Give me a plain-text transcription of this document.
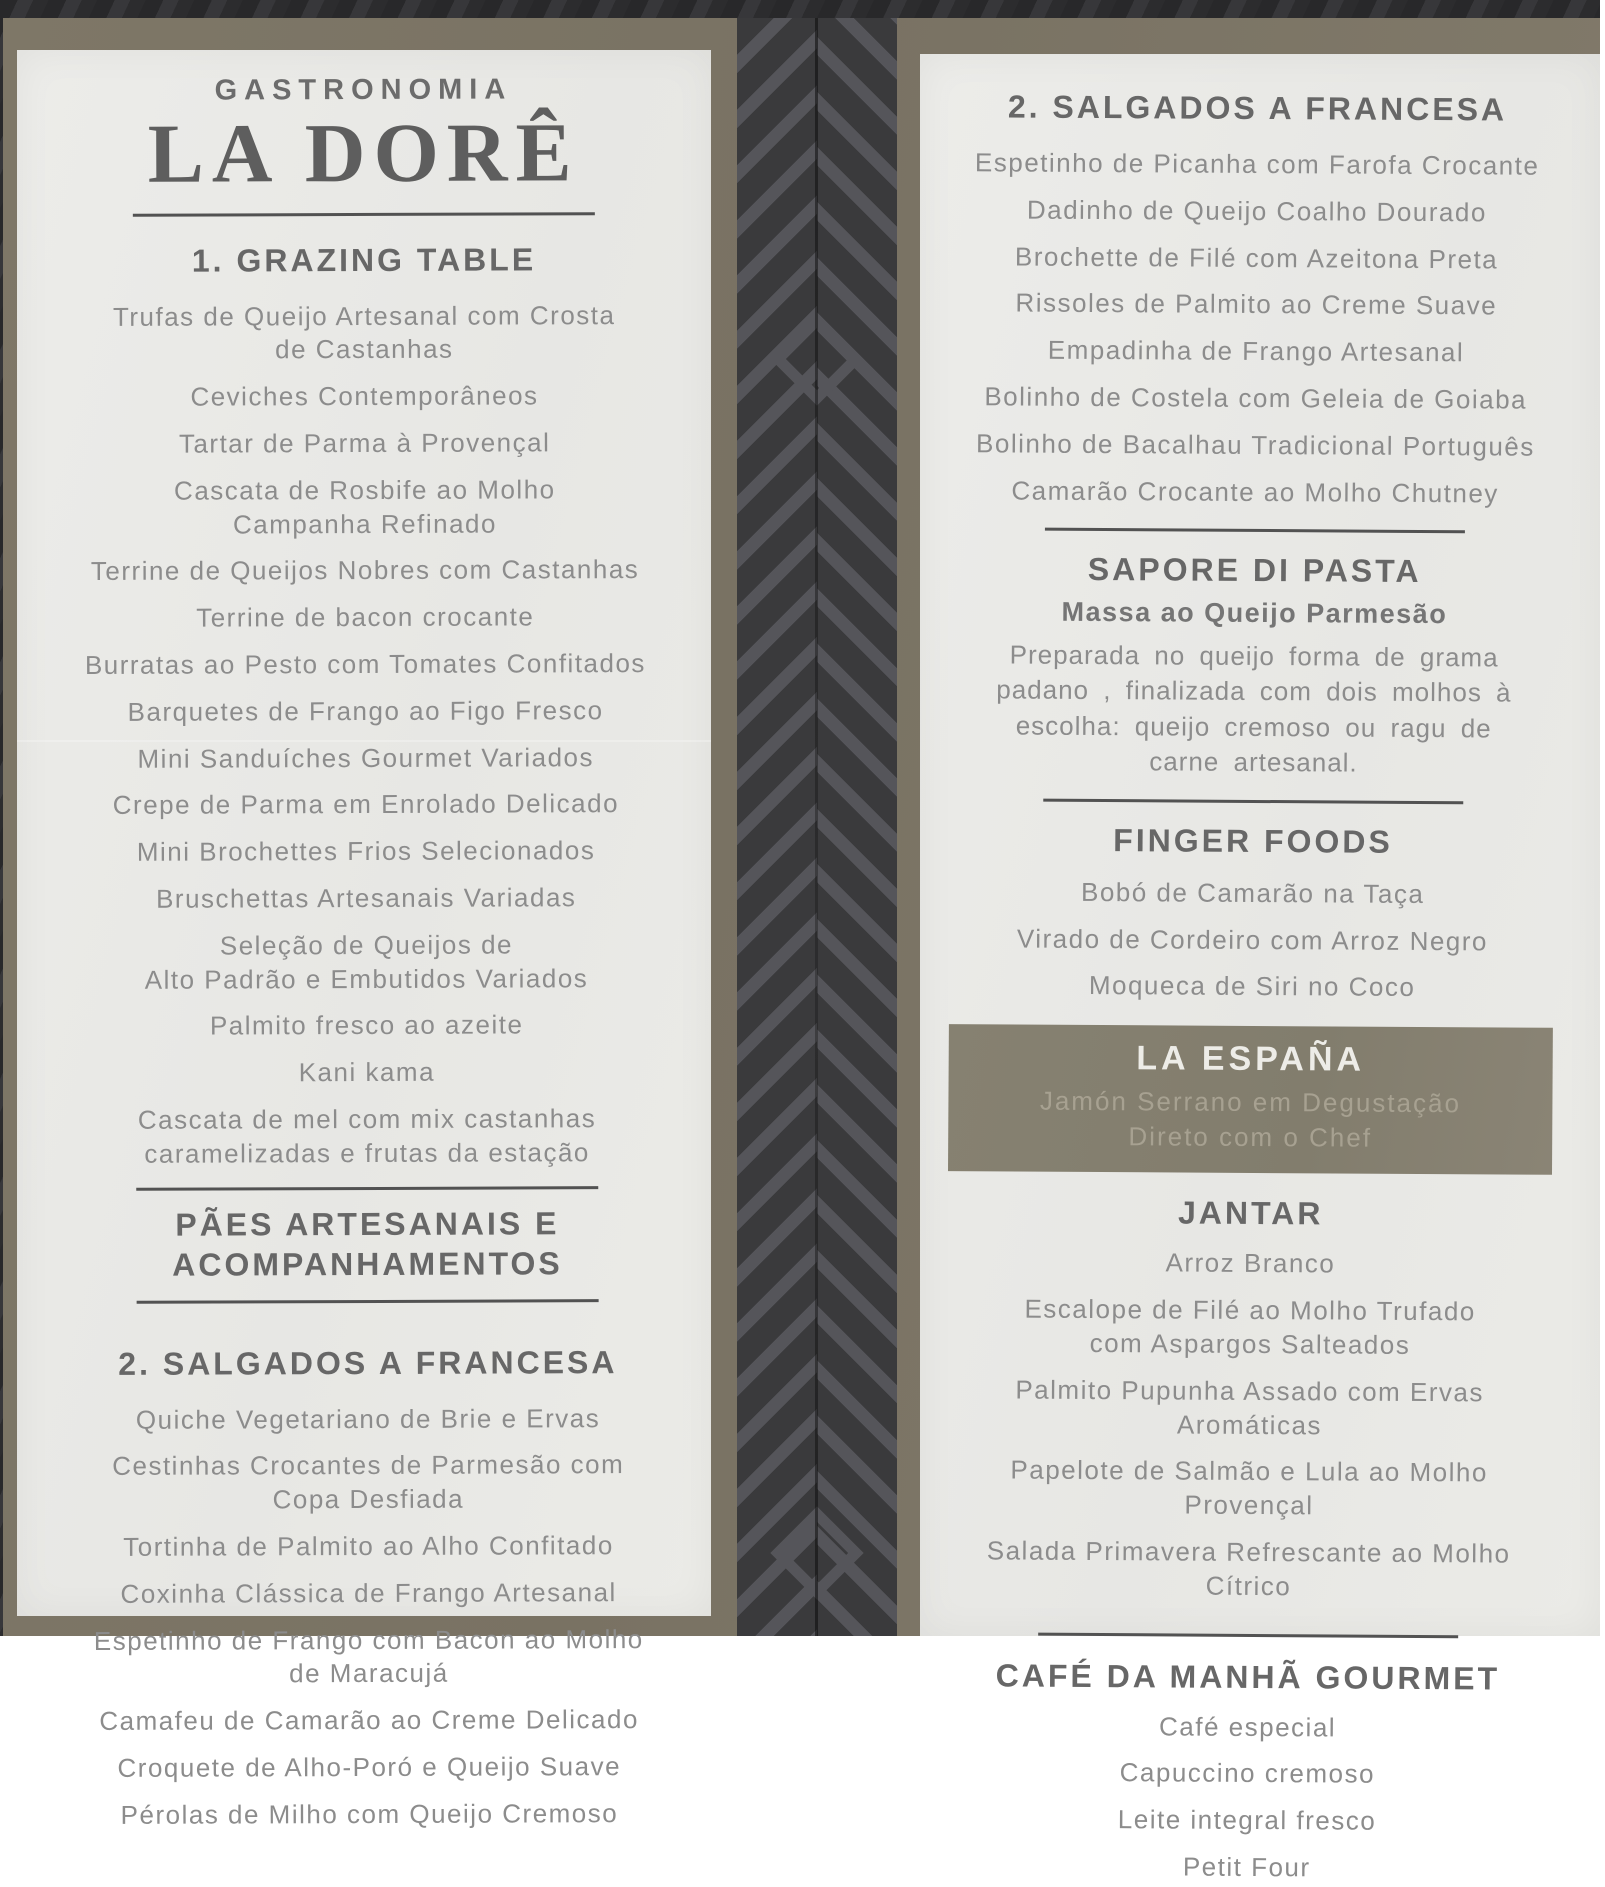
GASTRONOMIA
LA DORÊ
1. GRAZING TABLE
Trufas de Queijo Artesanal com Crosta
de Castanhas
Ceviches Contemporâneos
Tartar de Parma à Provençal
Cascata de Rosbife ao Molho
Campanha Refinado
Terrine de Queijos Nobres com Castanhas
Terrine de bacon crocante
Burratas ao Pesto com Tomates Confitados
Barquetes de Frango ao Figo Fresco
Mini Sanduíches Gourmet Variados
Crepe de Parma em Enrolado Delicado
Mini Brochettes Frios Selecionados
Bruschettas Artesanais Variadas
Seleção de Queijos de
Alto Padrão e Embutidos Variados
Palmito fresco ao azeite
Kani kama
Cascata de mel com mix castanhas
caramelizadas e frutas da estação
PÃES ARTESANAIS E
ACOMPANHAMENTOS
2. SALGADOS A FRANCESA
Quiche Vegetariano de Brie e Ervas
Cestinhas Crocantes de Parmesão com
Copa Desfiada
Tortinha de Palmito ao Alho Confitado
Coxinha Clássica de Frango Artesanal
Espetinho de Frango com Bacon ao Molho
de Maracujá
Camafeu de Camarão ao Creme Delicado
Croquete de Alho-Poró e Queijo Suave
Pérolas de Milho com Queijo Cremoso
2. SALGADOS A FRANCESA
Espetinho de Picanha com Farofa Crocante
Dadinho de Queijo Coalho Dourado
Brochette de Filé com Azeitona Preta
Rissoles de Palmito ao Creme Suave
Empadinha de Frango Artesanal
Bolinho de Costela com Geleia de Goiaba
Bolinho de Bacalhau Tradicional Português
Camarão Crocante ao Molho Chutney
SAPORE DI PASTA
Massa ao Queijo Parmesão
Preparada no queijo forma de grama
padano , finalizada com dois molhos à
escolha: queijo cremoso ou ragu de
carne artesanal.
FINGER FOODS
Bobó de Camarão na Taça
Virado de Cordeiro com Arroz Negro
Moqueca de Siri no Coco
LA ESPAÑA
Jamón Serrano em Degustação
Direto com o Chef
JANTAR
Arroz Branco
Escalope de Filé ao Molho Trufado
com Aspargos Salteados
Palmito Pupunha Assado com Ervas Aromáticas
Papelote de Salmão e Lula ao Molho Provençal
Salada Primavera Refrescante ao Molho Cítrico
CAFÉ DA MANHÃ GOURMET
Café especial
Capuccino cremoso
Leite integral fresco
Petit Four
